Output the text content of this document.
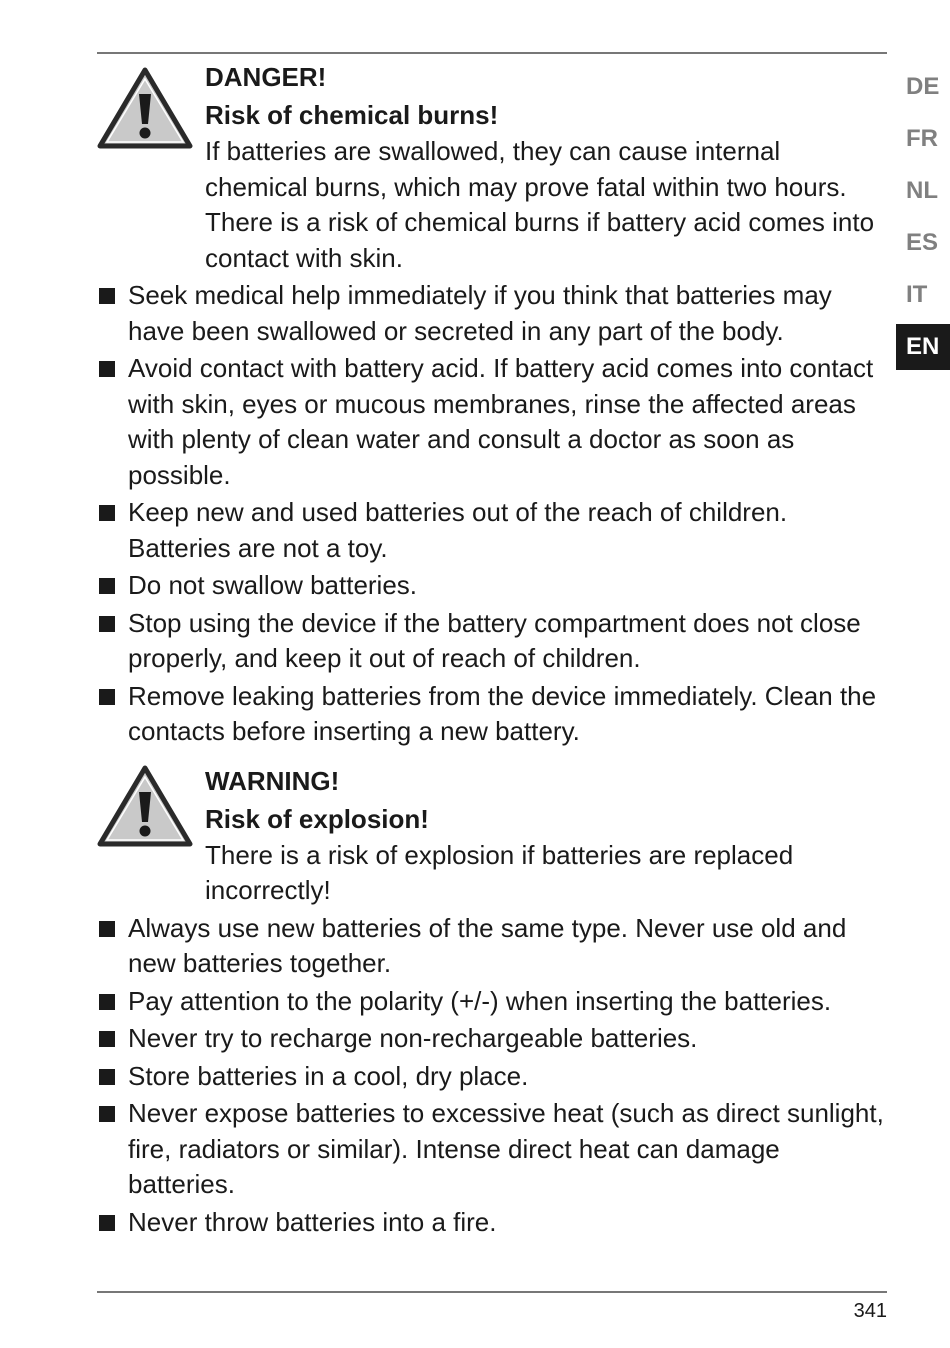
DANGER!

Risk of chemical burns!

If batteries are swallowed, they can cause internal chemical burns, which may prove fatal within two hours. There is a risk of chemical burns if battery acid comes into contact with skin.

Seek medical help immediately if you think that batteries may have been swallowed or secreted in any part of the body.
Avoid contact with battery acid. If battery acid comes into contact with skin, eyes or mucous membranes, rinse the affected areas with plenty of clean water and consult a doctor as soon as possible.
Keep new and used batteries out of the reach of children. Batteries are not a toy.
Do not swallow batteries.
Stop using the device if the battery compartment does not close properly, and keep it out of reach of children.
Remove leaking batteries from the device immediately. Clean the contacts before inserting a new battery.

WARNING!

Risk of explosion!

There is a risk of explosion if batteries are replaced incorrectly!

Always use new batteries of the same type. Never use old and new batteries together.
Pay attention to the polarity (+/-) when inserting the batteries.
Never try to recharge non-rechargeable batteries.
Store batteries in a cool, dry place.
Never expose batteries to excessive heat (such as direct sunlight, fire, radiators or similar). Intense direct heat can damage batteries.
Never throw batteries into a fire.
DE
FR
NL
ES
IT
EN
341
